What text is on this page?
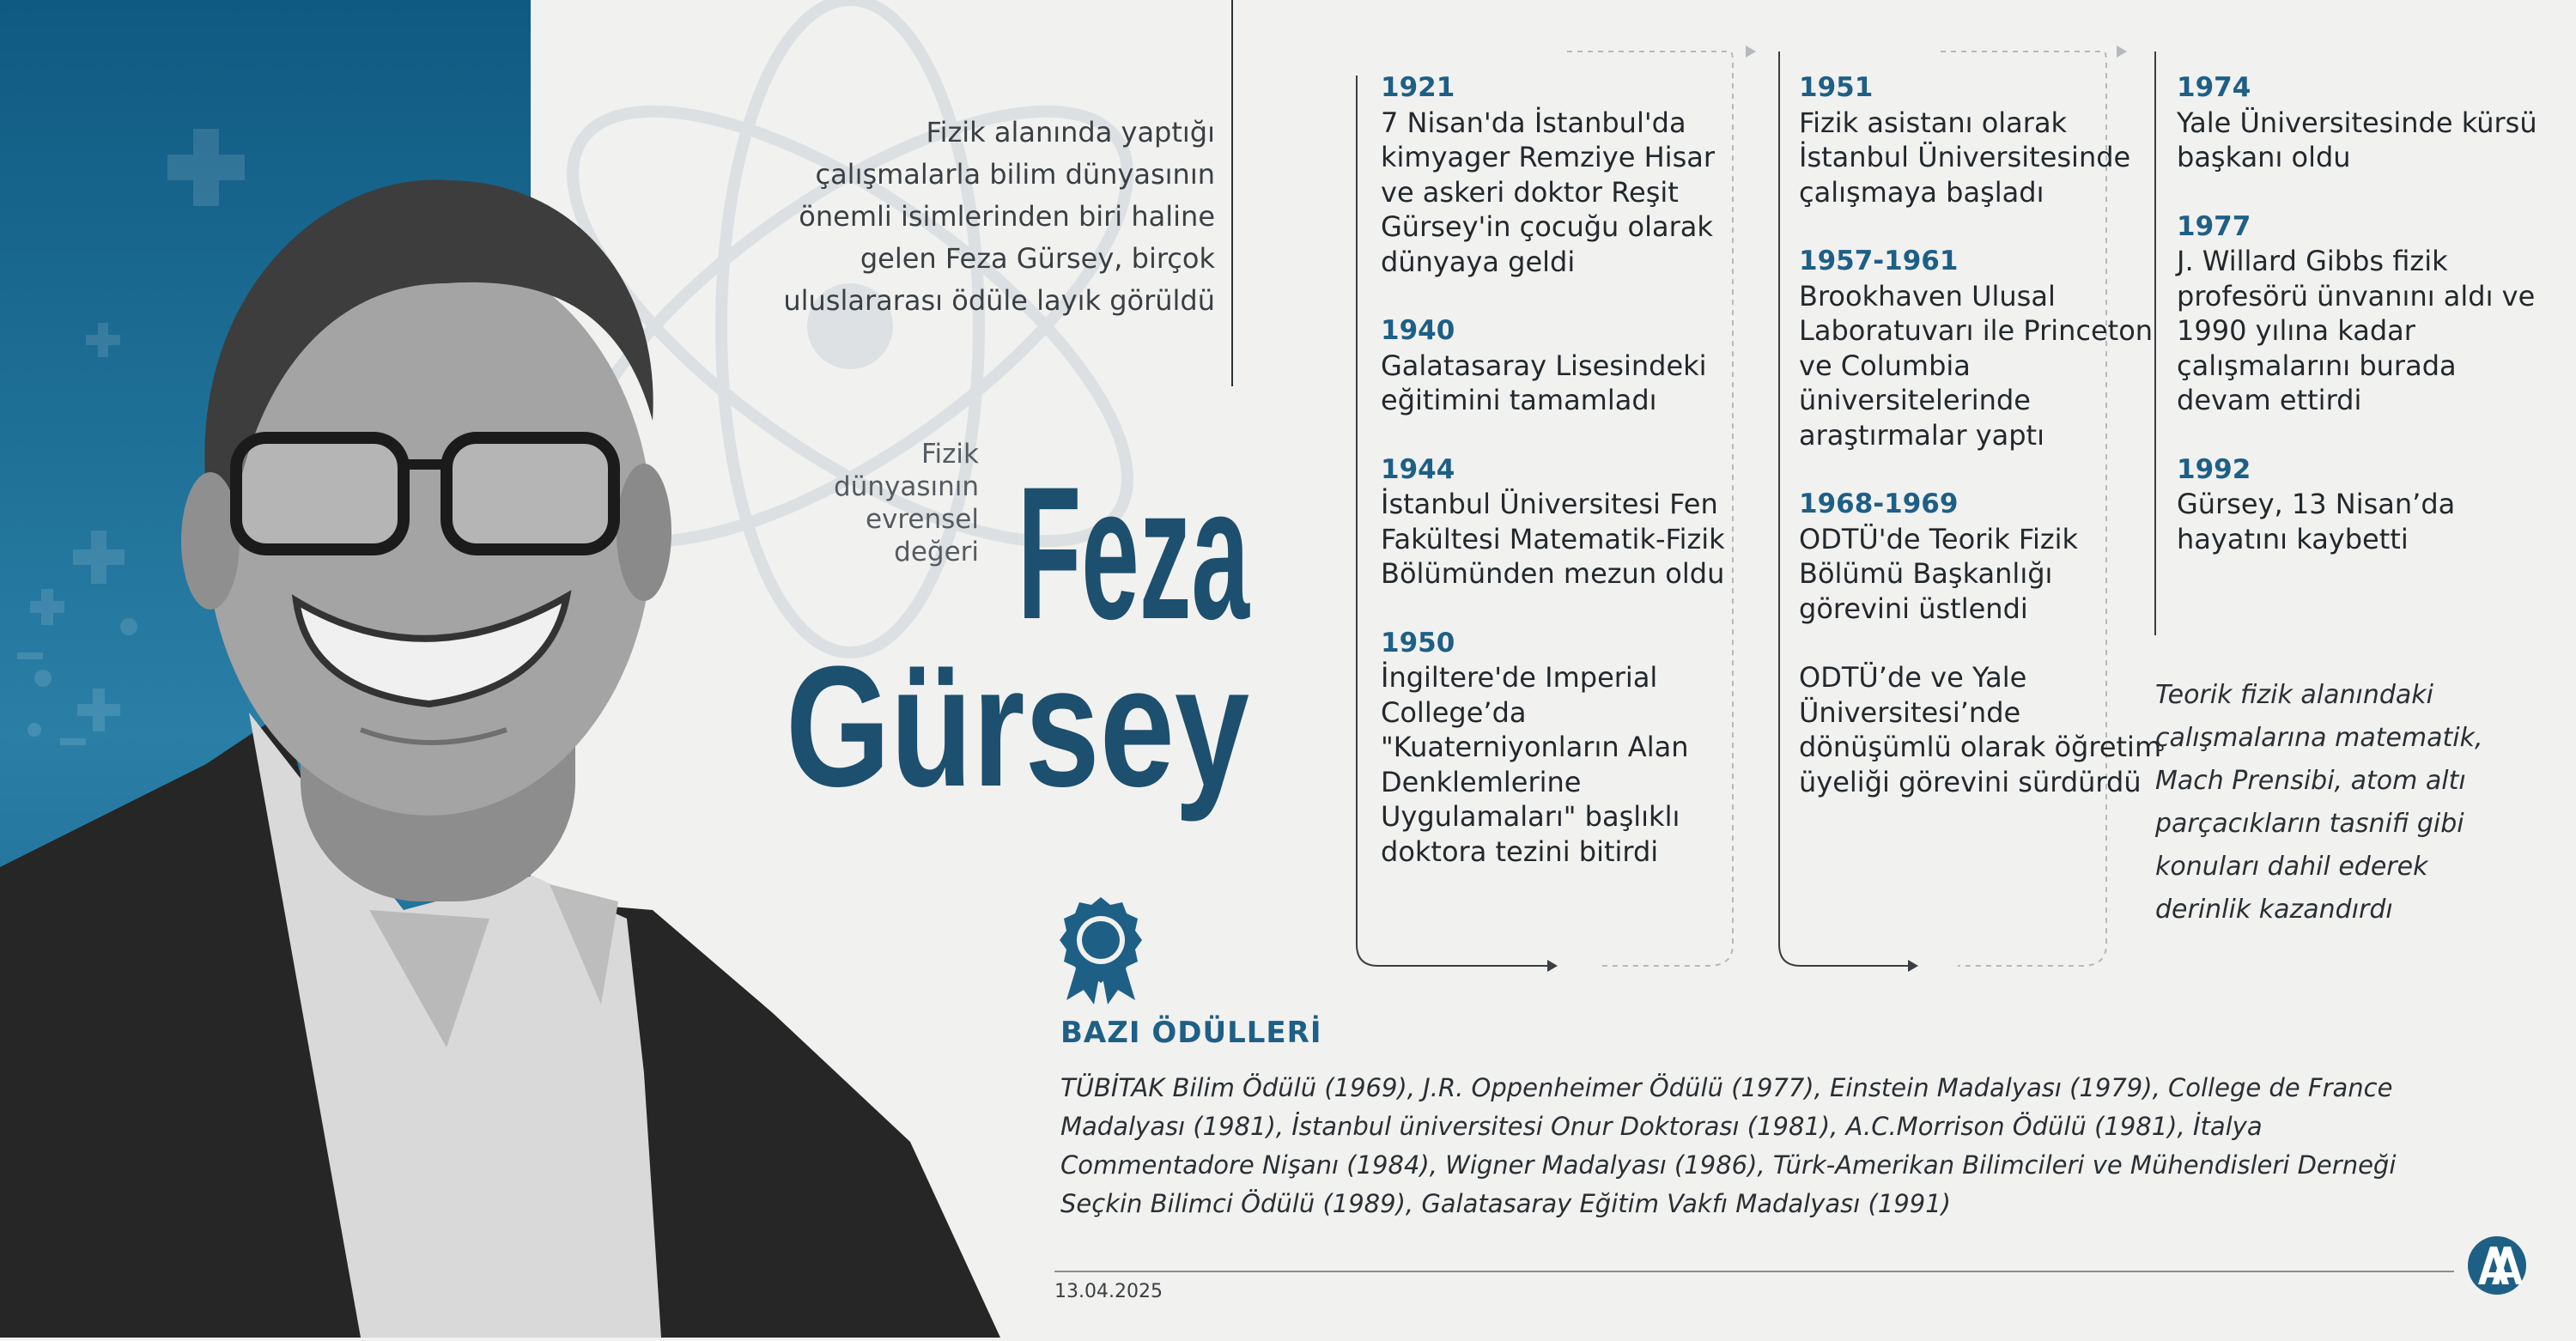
Fizik alanında yaptığı çalışmalarla bilim dünyasının önemli isimlerinden biri haline gelen Feza Gürsey, birçok uluslararası ödüle layık görüldü
Fizik dünyasının evrensel değeri Feza
Gürsey
1921
7 Nisan'da İstanbul'da kimyager Remziye Hisar ve askeri doktor Reşit Gürsey'in çocuğu olarak dünyaya geldi
1940
Galatasaray Lisesindeki eğitimini tamamladı
1944
İstanbul Üniversitesi Fen Fakültesi Matematik-Fizik Bölümünden mezun oldu
1950
İngiltere'de Imperial College’da "Kuaterniyonların Alan Denklemlerine Uygulamaları" başlıklı doktora tezini bitirdi
1951
Fizik asistanı olarak İstanbul Üniversitesinde çalışmaya başladı
1957-1961
Brookhaven Ulusal Laboratuvarı ile Princeton ve Columbia üniversitelerinde araştırmalar yaptı
1968-1969
ODTÜ'de Teorik Fizik Bölümü Başkanlığı görevini üstlendi
ODTÜ’de ve Yale Üniversitesi’nde dönüşümlü olarak öğretim üyeliği görevini sürdürdü
1974
Yale Üniversitesinde kürsü başkanı oldu
1977
J. Willard Gibbs fizik profesörü ünvanını aldı ve 1990 yılına kadar çalışmalarını burada devam ettirdi
1992
Gürsey, 13 Nisan’da hayatını kaybetti
Teorik fizik alanındaki çalışmalarına matematik, Mach Prensibi, atom altı parçacıkların tasnifi gibi konuları dahil ederek derinlik kazandırdı
BAZI ÖDÜLLERİ
TÜBİTAK Bilim Ödülü (1969), J.R. Oppenheimer Ödülü (1977), Einstein Madalyası (1979), College de France Madalyası (1981), İstanbul üniversitesi Onur Doktorası (1981), A.C.Morrison Ödülü (1981), İtalya Commentadore Nişanı (1984), Wigner Madalyası (1986), Türk-Amerikan Bilimcileri ve Mühendisleri Derneği Seçkin Bilimci Ödülü (1989), Galatasaray Eğitim Vakfı Madalyası (1991)
13.04.2025
